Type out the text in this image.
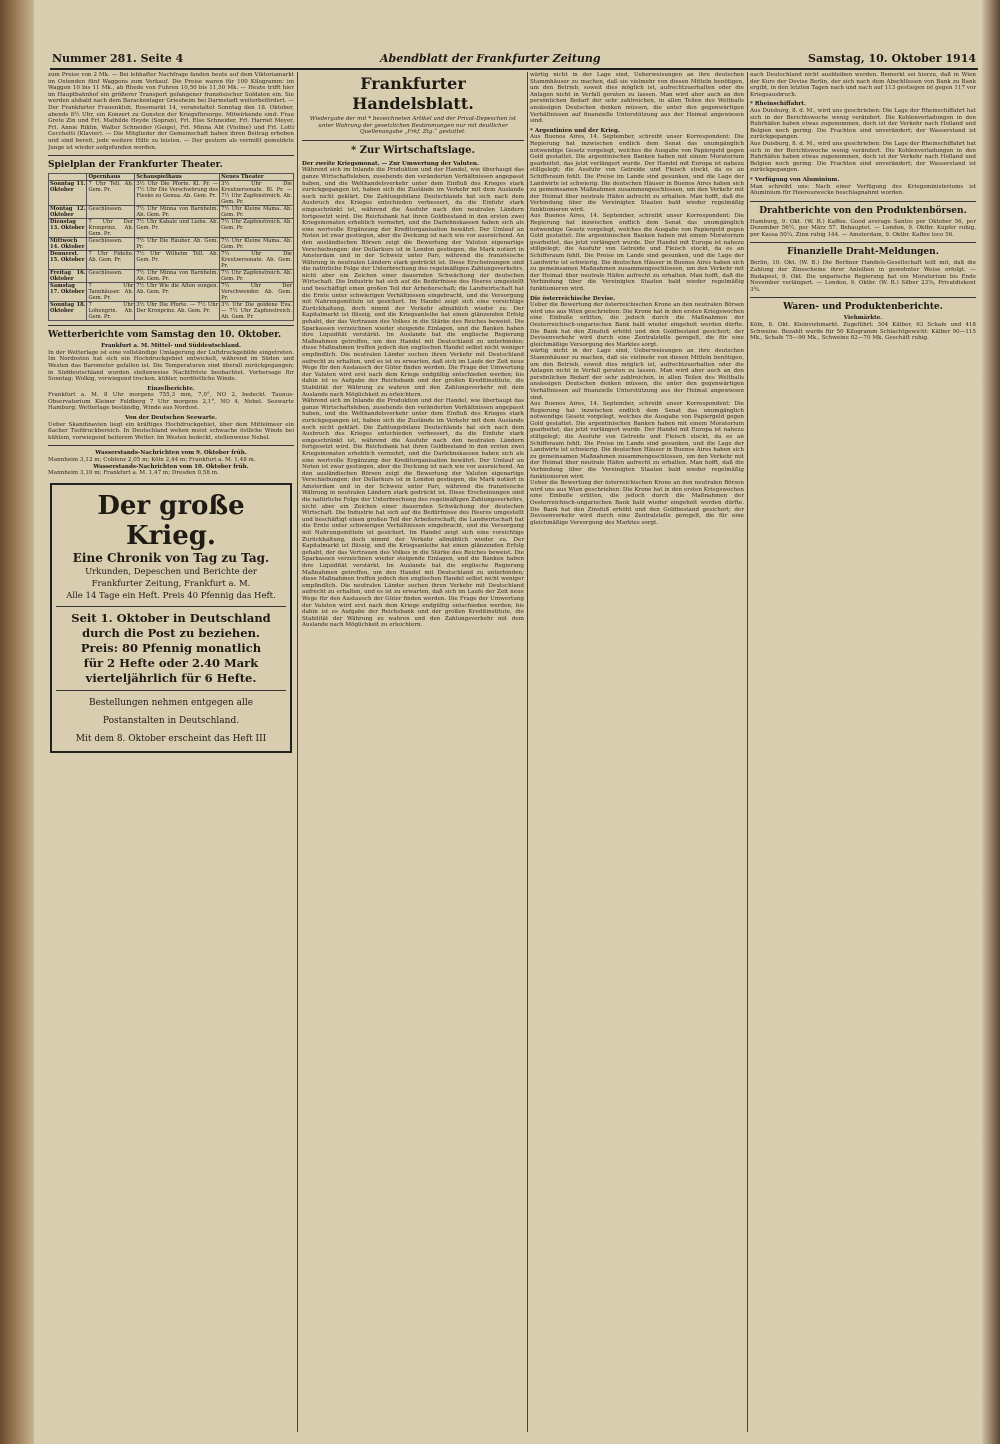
Nummer 281. Seite 4	Abendblatt der Frankfurter Zeitung	Samstag, 10. Oktober 1914
zum Preise von 2 Mk. — Bei lebhafter Nachfrage fanden heute auf dem Viktoriamarkt im Ostenden fünf Waggons zum Verkauf. Die Preise waren für 100 Kilogramm: im Waggon 10 bis 11 Mk., ab Rhede von Fuhren 10,50 bis 11,50 Mk. — Heute trifft hier im Hauptbahnhof ein größerer Transport gefangener französischer Soldaten ein. Sie werden alsbald nach dem Barackenlager Griesheim bei Darmstadt weiterbefördert. — Der Frankfurter Frauenklub, Rossmarkt 14, veranstaltet Sonntag den 18. Oktober, abends 8½ Uhr, ein Konzert zu Gunsten der Kriegsfürsorge. Mitwirkende sind: Frau Grete Zin und Frl. Mathilde Heyde (Sopran), Frl. Else Schneider, Frl. Harriet Meyer, Frl. Annie Riklin, Walter Schneider (Geige), Frl. Minna Abt (Violine) und Frl. Lotti Cecchetti (Klavier). — Die Mitglieder der Gemeinschaft haben ihren Beitrag erhoben und sind bereit, jede weitere Hilfe zu leisten. — Der gestern als vermißt gemeldete Junge ist wieder aufgefunden worden.
Spielplan der Frankfurter Theater.
	Opernhaus	Schauspielhaus	Neues Theater
Sonntag 11. Oktober	7 Uhr Tell. Ab. Gem. Pr.	3½ Uhr Die Pforte. Kl. Pr. — 7½ Uhr Die Verschwörung des Fiesko zu Genua. Ab. Gem. Pr.	3½ Uhr Die Kreutzersonate. Bl. Pr. — 7½ Uhr Zapfenstreich. Ab. Gem. Pr.
Montag 12. Oktober	Geschlossen.	7½ Uhr Minna von Barnhelm. Ab. Gem. Pr.	7½ Uhr Kleine Mama. Ab. Gem. Pr.
Dienstag 13. Oktober	7 Uhr Der Kronprinz. Ab. Gem. Pr.	7½ Uhr Kabale und Liebe. Ab. Gem. Pr.	7½ Uhr Zapfenstreich. Ab. Gem. Pr.
Mittwoch 14. Oktober	Geschlossen.	7½ Uhr Die Räuber. Ab. Gem. Pr.	7½ Uhr Kleine Mama. Ab. Gem. Pr.
Donnerst. 15. Oktober	7 Uhr Fidelio. Ab. Gem. Pr.	7½ Uhr Wilhelm Tell. Ab. Gem. Pr.	7½ Uhr Die Kreutzersonate. Ab. Gem. Pr.
Freitag 16. Oktober	Geschlossen.	7½ Uhr Minna von Barnhelm. Ab. Gem. Pr.	7½ Uhr Zapfenstreich. Ab. Gem. Pr.
Samstag 17. Oktober	7 Uhr Tannhäuser. Ab. Gem. Pr.	7½ Uhr Wie die Alten sungen. Ab. Gem. Pr.	7½ Uhr Der Verschwender. Ab. Gem. Pr.
Sonntag 18. Oktober	7 Uhr Lohengrin. Ab. Gem. Pr.	3½ Uhr Die Pforte. — 7½ Uhr Der Kronprinz. Ab. Gem. Pr.	3½ Uhr Die goldene Eva. — 7½ Uhr Zapfenstreich. Ab. Gem. Pr.
Wetterberichte vom Samstag den 10. Oktober.
Frankfurt a. M. Mittel- und Süddeutschland.
In der Wetterlage ist eine vollständige Umlagerung der Luftdruckgebilde eingetreten. Im Nordosten hat sich ein Hochdruckgebiet entwickelt, während im Süden und Westen das Barometer gefallen ist. Die Temperaturen sind überall zurückgegangen; in Süddeutschland wurden stellenweise Nachtfröste beobachtet. Vorhersage für Sonntag: Wolkig, vorwiegend trocken, kühler, nordöstliche Winde.
Einzelberichte.
Frankfurt a. M. 8 Uhr morgens 755,3 mm, 7,0°, NO 2, bedeckt. Taunus-Observatorium Kleiner Feldberg 7 Uhr morgens 2,1°, NO 4, Nebel. Seewarte Hamburg: Wetterlage beständig, Winde aus Nordost.
Von der Deutschen Seewarte.
Ueber Skandinavien liegt ein kräftiges Hochdruckgebiet, über dem Mittelmeer ein flacher Tiefdruckbereich. In Deutschland wehen meist schwache östliche Winde bei kühlem, vorwiegend heiterem Wetter. Im Westen bedeckt, stellenweise Nebel.
Wasserstands-Nachrichten vom 9. Oktober früh.
Mannheim 3,12 m; Coblenz 2,05 m; Köln 2,44 m; Frankfurt a. M. 1,48 m.
Wasserstands-Nachrichten vom 10. Oktober früh.
Mannheim 3,10 m; Frankfurt a. M. 1,47 m; Dresden 0,58 m.
Der große Krieg.
Eine Chronik von Tag zu Tag.
Urkunden, Depeschen und Berichte der
Frankfurter Zeitung, Frankfurt a. M.
Alle 14 Tage ein Heft. Preis 40 Pfennig das Heft.
Seit 1. Oktober in Deutschland
durch die Post zu beziehen.
Preis: 80 Pfennig monatlich
für 2 Hefte oder 2.40 Mark
vierteljährlich für 6 Hefte.
Bestellungen nehmen entgegen alle
Postanstalten in Deutschland.
Mit dem 8. Oktober erscheint das Heft III
Frankfurter Handelsblatt.
Wiedergabe der mit * bezeichneten Artikel und der Privat-Depeschen ist unter Wahrung der gesetzlichen Bestimmungen nur mit deutlicher Quellenangabe „Frkf. Ztg.“ gestattet.
* Zur Wirtschaftslage.
Der zweite Kriegsmonat. — Zur Umwertung der Valuten.
Während sich im Inlande die Produktion und der Handel, wie überhaupt das ganze Wirtschaftsleben, zusehends den veränderten Verhältnissen angepasst haben, und die Welthandelsverkehr unter dem Einfluß des Krieges stark zurückgegangen ist, haben sich die Zustände im Verkehr mit dem Auslande noch nicht geklärt. Die Zahlungsbilanz Deutschlands hat sich nach dem Ausbruch des Krieges entschieden verbessert, da die Einfuhr stark eingeschränkt ist, während die Ausfuhr nach den neutralen Ländern fortgesetzt wird. Die Reichsbank hat ihren Goldbestand in den ersten zwei Kriegsmonaten erheblich vermehrt, und die Darlehnskassen haben sich als eine wertvolle Ergänzung der Kreditorganisation bewährt. Der Umlauf an Noten ist zwar gestiegen, aber die Deckung ist nach wie vor ausreichend. An den ausländischen Börsen zeigt die Bewertung der Valuten eigenartige Verschiebungen: der Dollarkurs ist in London gestiegen, die Mark notiert in Amsterdam und in der Schweiz unter Pari, während die französische Währung in neutralen Ländern stark gedrückt ist. Diese Erscheinungen sind die natürliche Folge der Unterbrechung des regelmäßigen Zahlungsverkehrs, nicht aber ein Zeichen einer dauernden Schwächung der deutschen Wirtschaft. Die Industrie hat sich auf die Bedürfnisse des Heeres umgestellt und beschäftigt einen großen Teil der Arbeiterschaft; die Landwirtschaft hat die Ernte unter schwierigen Verhältnissen eingebracht, und die Versorgung mit Nahrungsmitteln ist gesichert. Im Handel zeigt sich eine vorsichtige Zurückhaltung, doch nimmt der Verkehr allmählich wieder zu. Der Kapitalmarkt ist flüssig, und die Kriegsanleihe hat einen glänzenden Erfolg gehabt, der das Vertrauen des Volkes in die Stärke des Reiches beweist. Die Sparkassen verzeichnen wieder steigende Einlagen, und die Banken haben ihre Liquidität verstärkt. Im Auslande hat die englische Regierung Maßnahmen getroffen, um den Handel mit Deutschland zu unterbinden; diese Maßnahmen treffen jedoch den englischen Handel selbst nicht weniger empfindlich. Die neutralen Länder suchen ihren Verkehr mit Deutschland aufrecht zu erhalten, und es ist zu erwarten, daß sich im Laufe der Zeit neue Wege für den Austausch der Güter finden werden. Die Frage der Umwertung der Valuten wird erst nach dem Kriege endgültig entschieden werden; bis dahin ist es Aufgabe der Reichsbank und der großen Kreditinstitute, die Stabilität der Währung zu wahren und den Zahlungsverkehr mit dem Auslande nach Möglichkeit zu erleichtern.
Während sich im Inlande die Produktion und der Handel, wie überhaupt das ganze Wirtschaftsleben, zusehends den veränderten Verhältnissen angepasst haben, und die Welthandelsverkehr unter dem Einfluß des Krieges stark zurückgegangen ist, haben sich die Zustände im Verkehr mit dem Auslande noch nicht geklärt. Die Zahlungsbilanz Deutschlands hat sich nach dem Ausbruch des Krieges entschieden verbessert, da die Einfuhr stark eingeschränkt ist, während die Ausfuhr nach den neutralen Ländern fortgesetzt wird. Die Reichsbank hat ihren Goldbestand in den ersten zwei Kriegsmonaten erheblich vermehrt, und die Darlehnskassen haben sich als eine wertvolle Ergänzung der Kreditorganisation bewährt. Der Umlauf an Noten ist zwar gestiegen, aber die Deckung ist nach wie vor ausreichend. An den ausländischen Börsen zeigt die Bewertung der Valuten eigenartige Verschiebungen: der Dollarkurs ist in London gestiegen, die Mark notiert in Amsterdam und in der Schweiz unter Pari, während die französische Währung in neutralen Ländern stark gedrückt ist. Diese Erscheinungen sind die natürliche Folge der Unterbrechung des regelmäßigen Zahlungsverkehrs, nicht aber ein Zeichen einer dauernden Schwächung der deutschen Wirtschaft. Die Industrie hat sich auf die Bedürfnisse des Heeres umgestellt und beschäftigt einen großen Teil der Arbeiterschaft; die Landwirtschaft hat die Ernte unter schwierigen Verhältnissen eingebracht, und die Versorgung mit Nahrungsmitteln ist gesichert. Im Handel zeigt sich eine vorsichtige Zurückhaltung, doch nimmt der Verkehr allmählich wieder zu. Der Kapitalmarkt ist flüssig, und die Kriegsanleihe hat einen glänzenden Erfolg gehabt, der das Vertrauen des Volkes in die Stärke des Reiches beweist. Die Sparkassen verzeichnen wieder steigende Einlagen, und die Banken haben ihre Liquidität verstärkt. Im Auslande hat die englische Regierung Maßnahmen getroffen, um den Handel mit Deutschland zu unterbinden; diese Maßnahmen treffen jedoch den englischen Handel selbst nicht weniger empfindlich. Die neutralen Länder suchen ihren Verkehr mit Deutschland aufrecht zu erhalten, und es ist zu erwarten, daß sich im Laufe der Zeit neue Wege für den Austausch der Güter finden werden. Die Frage der Umwertung der Valuten wird erst nach dem Kriege endgültig entschieden werden; bis dahin ist es Aufgabe der Reichsbank und der großen Kreditinstitute, die Stabilität der Währung zu wahren und den Zahlungsverkehr mit dem Auslande nach Möglichkeit zu erleichtern.
wärtig nicht in der Lage sind, Ueberweisungen an ihre deutschen Stammhäuser zu machen, daß sie vielmehr von diesen Mitteln benötigen, um den Betrieb, soweit dies möglich ist, aufrechtzuerhalten oder die Anlagen nicht in Verfall geraten zu lassen. Man wird aber auch an den persönlichen Bedarf der sehr zahlreichen, in allen Teilen des Weltballs ansässigen Deutschen denken müssen, die unter den gegenwärtigen Verhältnissen auf finanzielle Unterstützung aus der Heimat angewiesen sind.
* Argentinien und der Krieg.
Aus Buenos Aires, 14. September, schreibt unser Korrespondent: Die Regierung hat inzwischen endlich dem Senat das unumgänglich notwendige Gesetz vorgelegt, welches die Ausgabe von Papiergeld gegen Gold gestattet. Die argentinischen Banken haben mit einem Moratorium gearbeitet, das jetzt verlängert wurde. Der Handel mit Europa ist nahezu stillgelegt; die Ausfuhr von Getreide und Fleisch stockt, da es an Schiffsraum fehlt. Die Preise im Lande sind gesunken, und die Lage der Landwirte ist schwierig. Die deutschen Häuser in Buenos Aires haben sich zu gemeinsamen Maßnahmen zusammengeschlossen, um den Verkehr mit der Heimat über neutrale Häfen aufrecht zu erhalten. Man hofft, daß die Verbindung über die Vereinigten Staaten bald wieder regelmäßig funktionieren wird.
Aus Buenos Aires, 14. September, schreibt unser Korrespondent: Die Regierung hat inzwischen endlich dem Senat das unumgänglich notwendige Gesetz vorgelegt, welches die Ausgabe von Papiergeld gegen Gold gestattet. Die argentinischen Banken haben mit einem Moratorium gearbeitet, das jetzt verlängert wurde. Der Handel mit Europa ist nahezu stillgelegt; die Ausfuhr von Getreide und Fleisch stockt, da es an Schiffsraum fehlt. Die Preise im Lande sind gesunken, und die Lage der Landwirte ist schwierig. Die deutschen Häuser in Buenos Aires haben sich zu gemeinsamen Maßnahmen zusammengeschlossen, um den Verkehr mit der Heimat über neutrale Häfen aufrecht zu erhalten. Man hofft, daß die Verbindung über die Vereinigten Staaten bald wieder regelmäßig funktionieren wird.
Die österreichische Devise.
Ueber die Bewertung der österreichischen Krone an den neutralen Börsen wird uns aus Wien geschrieben: Die Krone hat in den ersten Kriegswochen eine Einbuße erlitten, die jedoch durch die Maßnahmen der Oesterreichisch-ungarischen Bank bald wieder eingeholt werden dürfte. Die Bank hat den Zinsfuß erhöht und den Goldbestand gesichert; der Devisenverkehr wird durch eine Zentralstelle geregelt, die für eine gleichmäßige Versorgung des Marktes sorgt.
wärtig nicht in der Lage sind, Ueberweisungen an ihre deutschen Stammhäuser zu machen, daß sie vielmehr von diesen Mitteln benötigen, um den Betrieb, soweit dies möglich ist, aufrechtzuerhalten oder die Anlagen nicht in Verfall geraten zu lassen. Man wird aber auch an den persönlichen Bedarf der sehr zahlreichen, in allen Teilen des Weltballs ansässigen Deutschen denken müssen, die unter den gegenwärtigen Verhältnissen auf finanzielle Unterstützung aus der Heimat angewiesen sind.
Aus Buenos Aires, 14. September, schreibt unser Korrespondent: Die Regierung hat inzwischen endlich dem Senat das unumgänglich notwendige Gesetz vorgelegt, welches die Ausgabe von Papiergeld gegen Gold gestattet. Die argentinischen Banken haben mit einem Moratorium gearbeitet, das jetzt verlängert wurde. Der Handel mit Europa ist nahezu stillgelegt; die Ausfuhr von Getreide und Fleisch stockt, da es an Schiffsraum fehlt. Die Preise im Lande sind gesunken, und die Lage der Landwirte ist schwierig. Die deutschen Häuser in Buenos Aires haben sich zu gemeinsamen Maßnahmen zusammengeschlossen, um den Verkehr mit der Heimat über neutrale Häfen aufrecht zu erhalten. Man hofft, daß die Verbindung über die Vereinigten Staaten bald wieder regelmäßig funktionieren wird.
Ueber die Bewertung der österreichischen Krone an den neutralen Börsen wird uns aus Wien geschrieben: Die Krone hat in den ersten Kriegswochen eine Einbuße erlitten, die jedoch durch die Maßnahmen der Oesterreichisch-ungarischen Bank bald wieder eingeholt werden dürfte. Die Bank hat den Zinsfuß erhöht und den Goldbestand gesichert; der Devisenverkehr wird durch eine Zentralstelle geregelt, die für eine gleichmäßige Versorgung des Marktes sorgt.
nach Deutschland nicht ausbleiben werden. Bemerkt sei hierzu, daß in Wien der Kurs der Devise Berlin, der sich nach dem Abschlüssen von Bank zu Bank ergibt, in den letzten Tagen nach und nach auf 113 gestiegen ist gegen 117 vor Kriegsausbruch.
* Rheinschiffahrt.
Aus Duisburg, 8. d. M., wird uns geschrieben: Die Lage der Rheinschiffahrt hat sich in der Berichtswoche wenig verändert. Die Kohlenverladungen in den Ruhrhäfen haben etwas zugenommen, doch ist der Verkehr nach Holland und Belgien noch gering. Die Frachten sind unverändert; der Wasserstand ist zurückgegangen.
Aus Duisburg, 8. d. M., wird uns geschrieben: Die Lage der Rheinschiffahrt hat sich in der Berichtswoche wenig verändert. Die Kohlenverladungen in den Ruhrhäfen haben etwas zugenommen, doch ist der Verkehr nach Holland und Belgien noch gering. Die Frachten sind unverändert; der Wasserstand ist zurückgegangen.
* Verfügung von Aluminium.
Man schreibt uns: Nach einer Verfügung des Kriegsministeriums ist Aluminium für Heereszwecke beschlagnahmt worden.
Drahtberichte von den Produktenbörsen.
Hamburg, 9. Okt. (W. B.) Kaffee. Good average Santos per Oktober 56, per Dezember 56½, per März 57. Behauptet. — London, 9. Oktbr. Kupfer ruhig, per Kassa 50¼, Zinn ruhig 144. — Amsterdam, 9. Oktbr. Kaffee loco 56.
Finanzielle Draht-Meldungen.
Berlin, 10. Okt. (W. B.) Die Berliner Handels-Gesellschaft teilt mit, daß die Zahlung der Zinsscheine ihrer Anleihen in gewohnter Weise erfolgt. — Budapest, 9. Okt. Die ungarische Regierung hat ein Moratorium bis Ende November verlängert. — London, 9. Oktbr. (W. B.) Silber 23⅞, Privatdiskont 3¾.
Waren- und Produktenberichte.
Viehmärkte.
Köln, 8. Okt. Kleinviehmarkt. Zugeführt: 304 Kälber, 63 Schafe und 418 Schweine. Bezahlt wurde für 50 Kilogramm Schlachtgewicht: Kälber 90—115 Mk., Schafe 75—90 Mk., Schweine 62—70 Mk. Geschäft ruhig.
